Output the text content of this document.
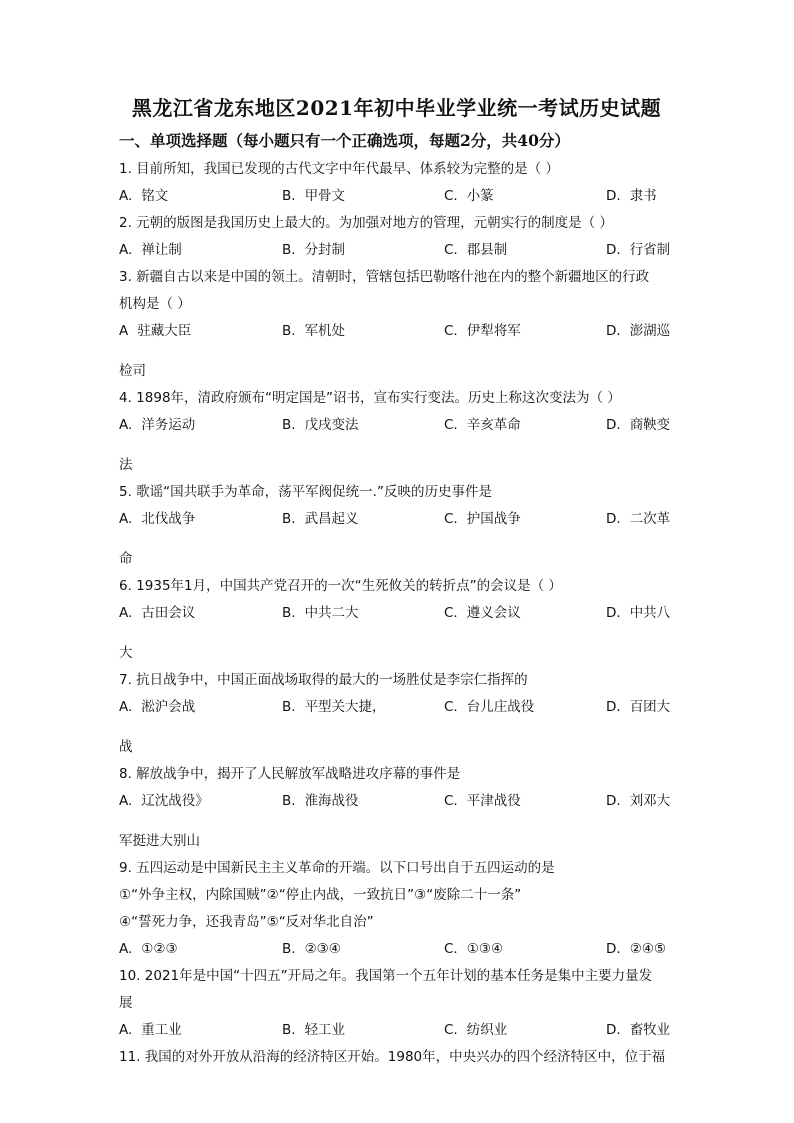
黑龙江省龙东地区2021年初中毕业学业统一考试历史试题
一、单项选择题（每小题只有一个正确选项，每题2分，共40分）
1. 目前所知，我国已发现的古代文字中年代最早、体系较为完整的是（ ）
A. 铭文	B. 甲骨文	C. 小篆	D. 隶书
2. 元朝的版图是我国历史上最大的。为加强对地方的管理，元朝实行的制度是（ ）
A. 禅让制	B. 分封制	C. 郡县制	D. 行省制
3. 新疆自古以来是中国的领土。清朝时，管辖包括巴勒喀什池在内的整个新疆地区的行政
机构是（ ）
A 驻藏大臣	B. 军机处	C. 伊犁将军	D. 澎湖巡
检司
4. 1898年，清政府颁布“明定国是”诏书，宣布实行变法。历史上称这次变法为（ ）
A. 洋务运动	B. 戊戌变法	C. 辛亥革命	D. 商鞅变
法
5. 歌谣“国共联手为革命，荡平军阀促统一.”反映的历史事件是
A. 北伐战争	B. 武昌起义	C. 护国战争	D. 二次革
命
6. 1935年1月，中国共产党召开的一次“生死攸关的转折点”的会议是（ ）
A. 古田会议	B. 中共二大	C. 遵义会议	D. 中共八
大
7. 抗日战争中，中国正面战场取得的最大的一场胜仗是李宗仁指挥的
A. 淞沪会战	B. 平型关大捷，	C. 台儿庄战役	D. 百团大
战
8. 解放战争中，揭开了人民解放军战略进攻序幕的事件是
A. 辽沈战役》	B. 淮海战役	C. 平津战役	D. 刘邓大
军挺进大别山
9. 五四运动是中国新民主主义革命的开端。以下口号出自于五四运动的是
①“外争主权，内除国贼”②“停止内战，一致抗日”③“废除二十一条”
④“誓死力争，还我青岛”⑤“反对华北自治”
A. ①②③	B. ②③④	C. ①③④	D. ②④⑤
10. 2021年是中国“十四五”开局之年。我国第一个五年计划的基本任务是集中主要力量发
展
A. 重工业	B. 轻工业	C. 纺织业	D. 畜牧业
11. 我国的对外开放从沿海的经济特区开始。1980年，中央兴办的四个经济特区中，位于福
